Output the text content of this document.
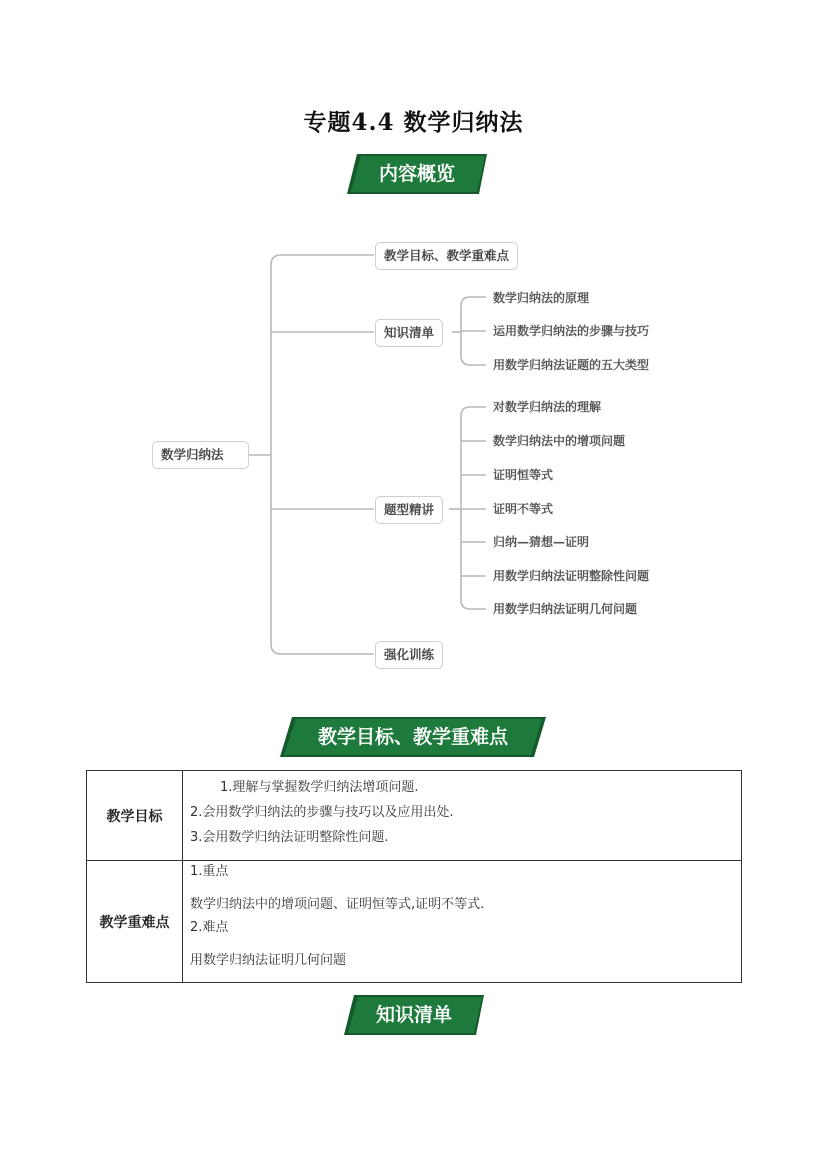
专题4.4 数学归纳法
内容概览
数学归纳法
教学目标、教学重难点
知识清单
题型精讲
强化训练
数学归纳法的原理
运用数学归纳法的步骤与技巧
用数学归纳法证题的五大类型
对数学归纳法的理解
数学归纳法中的增项问题
证明恒等式
证明不等式
归纳—猜想—证明
用数学归纳法证明整除性问题
用数学归纳法证明几何问题
教学目标、教学重难点
教学目标	1.理解与掌握数学归纳法增项问题.
2.会用数学归纳法的步骤与技巧以及应用出处.
3.会用数学归纳法证明整除性问题.

教学重难点	1.重点
数学归纳法中的增项问题、证明恒等式,证明不等式.
2.难点
用数学归纳法证明几何问题
知识清单
